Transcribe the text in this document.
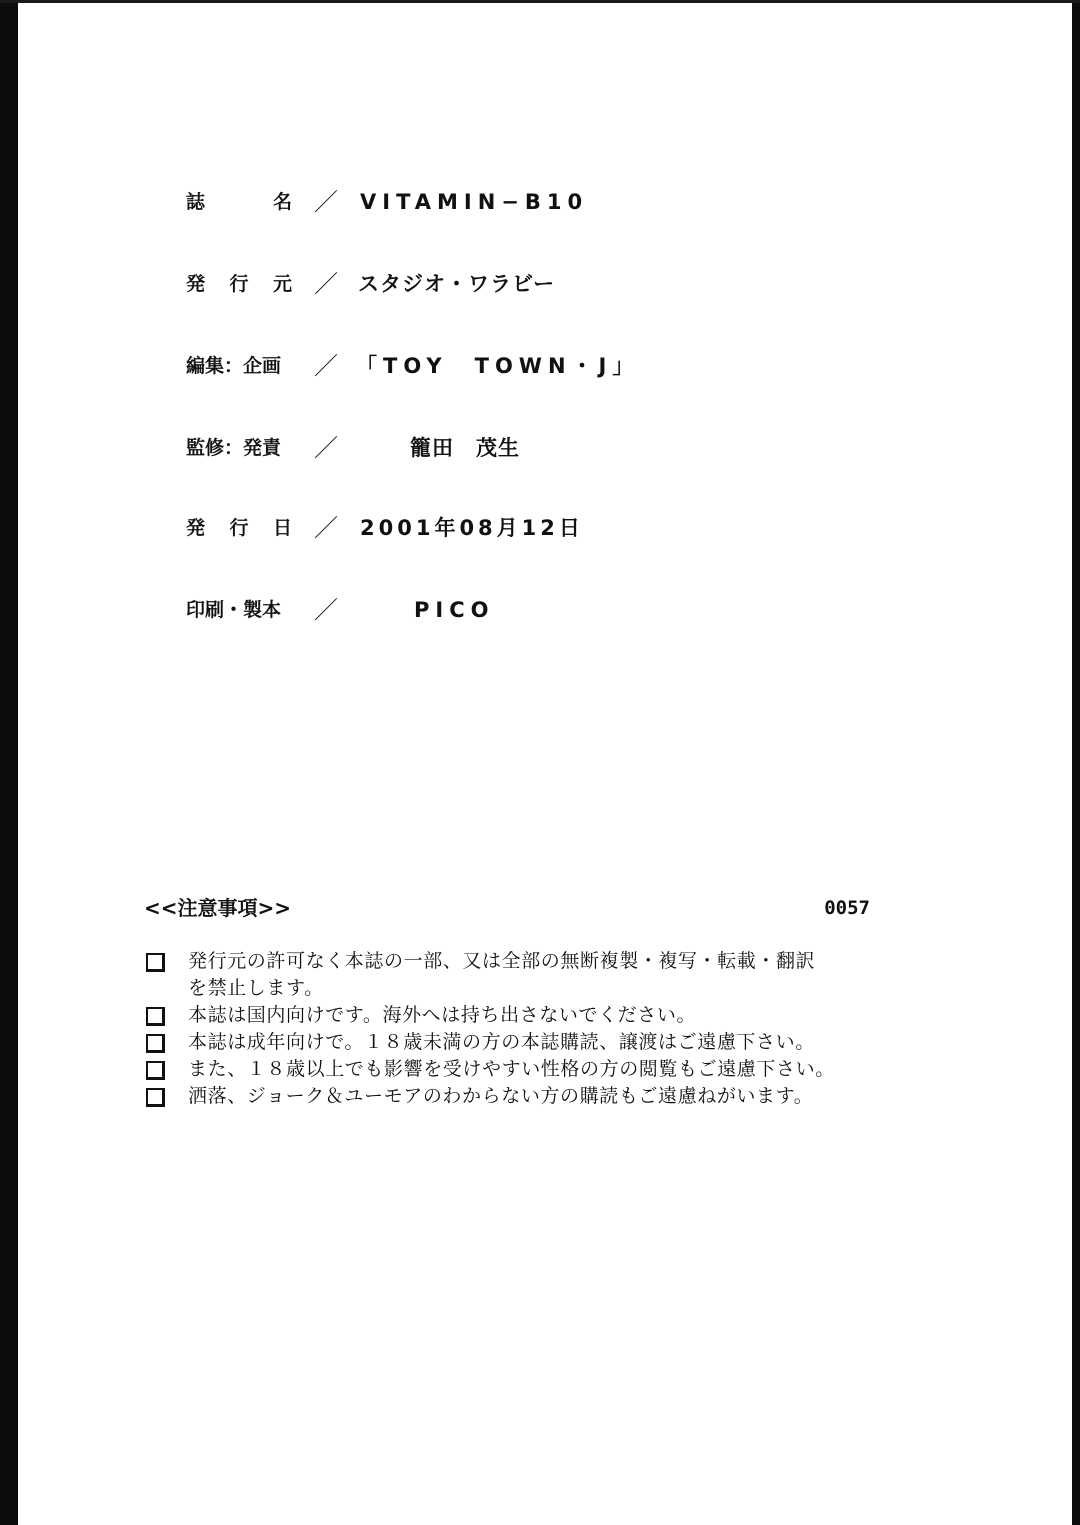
誌	名 ／ VITAMIN−B10
発 行 元 ／ スタジオ・ワラビー
編集：企画	／ 「TOY　TOWN・J」
監修：発責	／	籠田　茂生
発 行 日 ／ 2001年08月12日
印刷・製本	／	PICO
<<注意事項>>	0057
発行元の許可なく本誌の一部、又は全部の無断複製・複写・転載・翻訳
を禁止します。
本誌は国内向けです。海外へは持ち出さないでください。
本誌は成年向けで。１８歳未満の方の本誌購読、譲渡はご遠慮下さい。
また、１８歳以上でも影響を受けやすい性格の方の閲覧もご遠慮下さい。
洒落、ジョーク＆ユーモアのわからない方の購読もご遠慮ねがいます。
